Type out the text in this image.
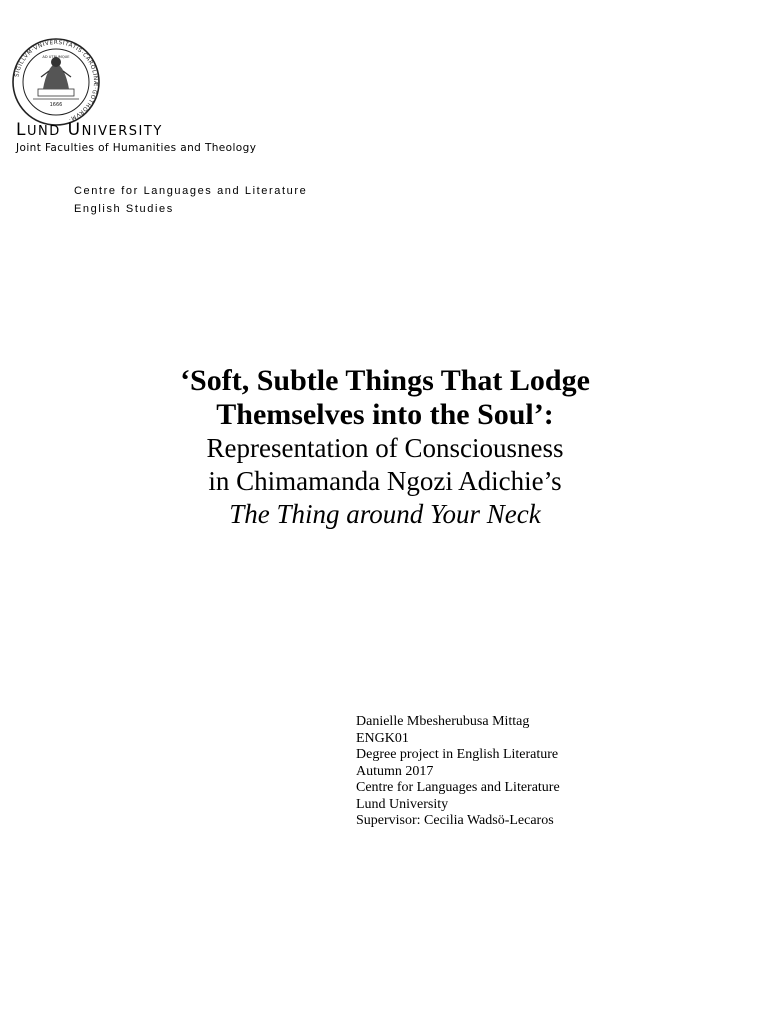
SIGILLVM·VNIVERSITATIS·CAROLINÆ·GOTHORVM·
1666
AD UTRUMQUE
LUND UNIVERSITY
Joint Faculties of Humanities and Theology
Centre for Languages and Literature
English Studies
‘Soft, Subtle Things That Lodge
Themselves into the Soul’:
Representation of Consciousness
in Chimamanda Ngozi Adichie’s
The Thing around Your Neck
Danielle Mbesherubusa Mittag
ENGK01
Degree project in English Literature
Autumn 2017
Centre for Languages and Literature
Lund University
Supervisor: Cecilia Wadsö-Lecaros
